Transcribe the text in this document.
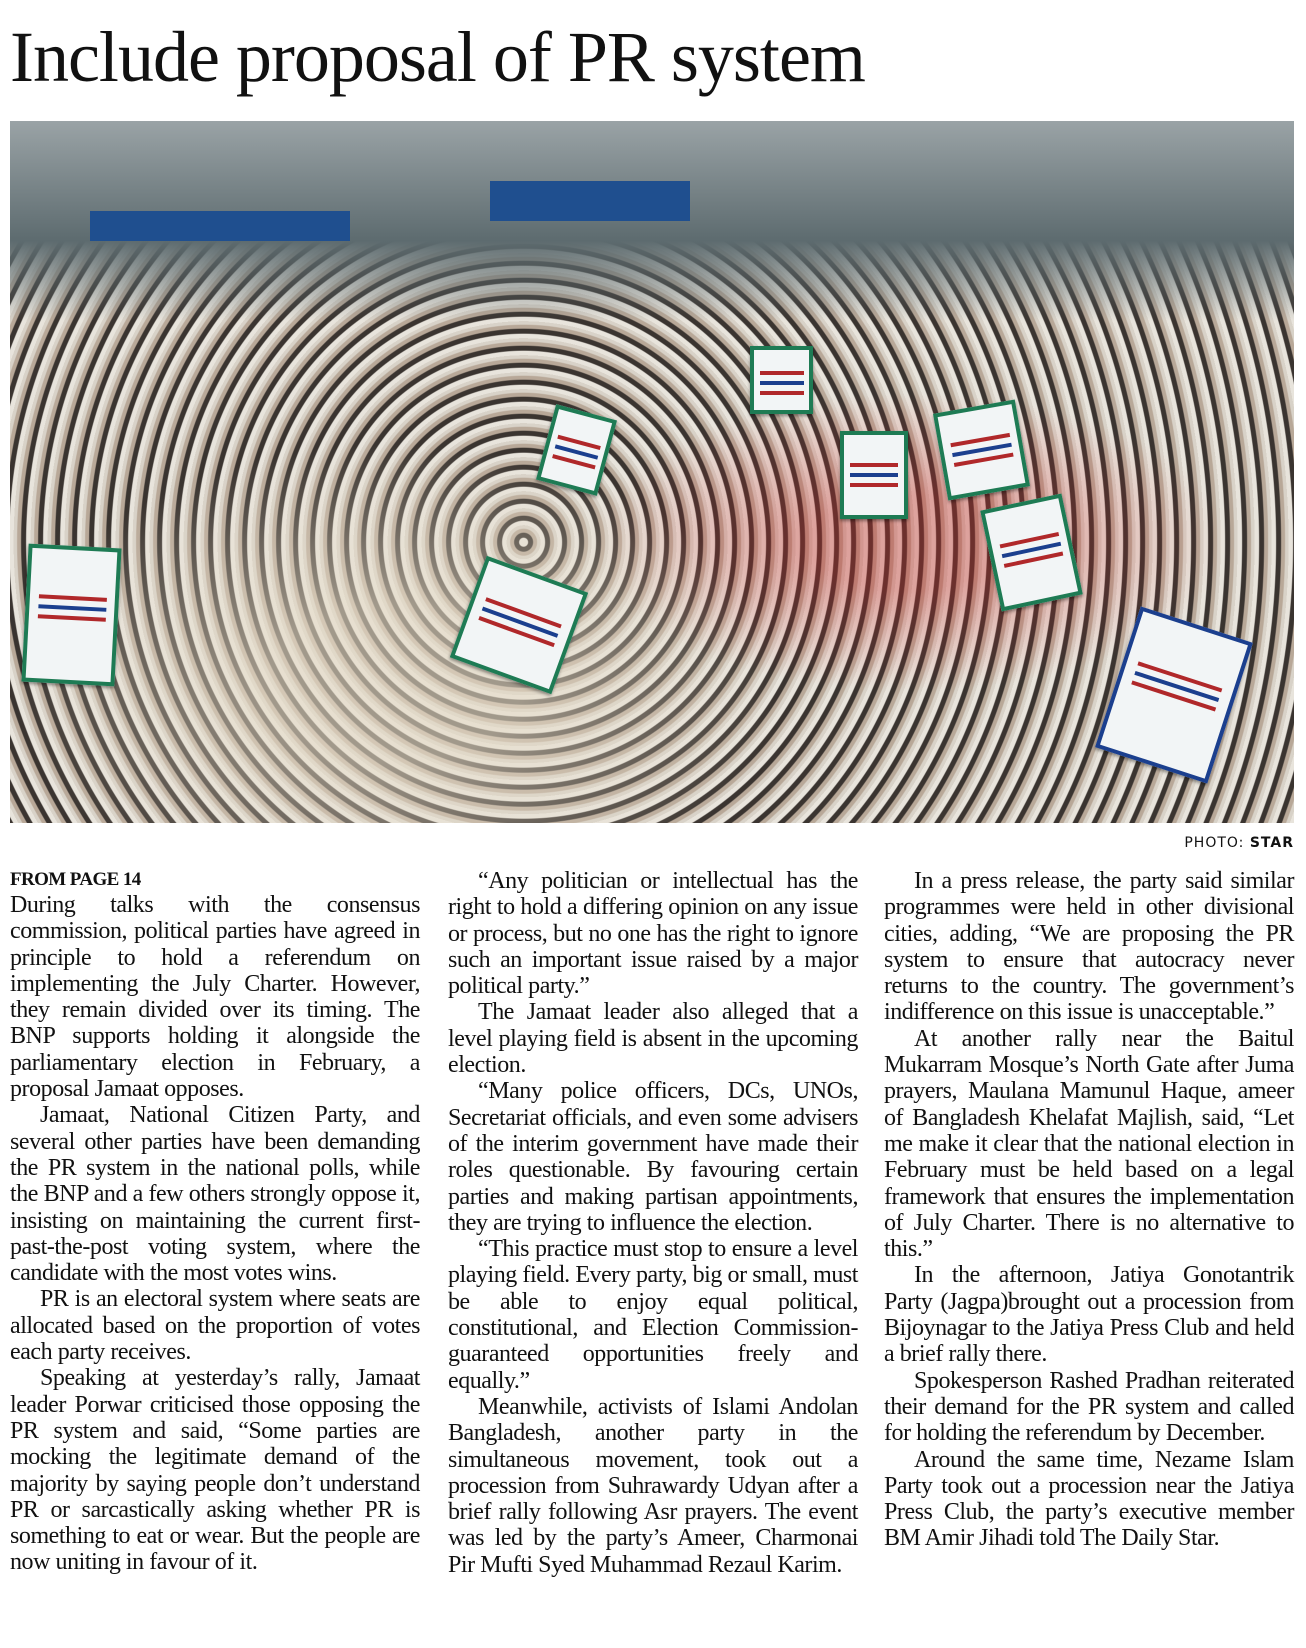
Include proposal of PR system
PHOTO: STAR
FROM PAGE 14

During talks with the consensus commission, political parties have agreed in principle to hold a referendum on implementing the July Charter. However, they remain divided over its timing. The BNP supports holding it alongside the parliamentary election in February, a proposal Jamaat opposes.

Jamaat, National Citizen Party, and several other parties have been demanding the PR system in the national polls, while the BNP and a few others strongly oppose it, insisting on maintaining the current first-past-the-post voting system, where the candidate with the most votes wins.

PR is an electoral system where seats are allocated based on the proportion of votes each party receives.

Speaking at yesterday’s rally, Jamaat leader Porwar criticised those opposing the PR system and said, “Some parties are mocking the legitimate demand of the majority by saying people don’t understand PR or sarcastically asking whether PR is something to eat or wear. But the people are now uniting in favour of it.

“Any politician or intellectual has the right to hold a differing opinion on any issue or process, but no one has the right to ignore such an important issue raised by a major political party.”

The Jamaat leader also alleged that a level playing field is absent in the upcoming election.

“Many police officers, DCs, UNOs, Secretariat officials, and even some advisers of the interim government have made their roles questionable. By favouring certain parties and making partisan appointments, they are trying to influence the election.

“This practice must stop to ensure a level playing field. Every party, big or small, must be able to enjoy equal political, constitutional, and Election Commission-guaranteed opportunities freely and equally.”

Meanwhile, activists of Islami Andolan Bangladesh, another party in the simultaneous movement, took out a procession from Suhrawardy Udyan after a brief rally following Asr prayers. The event was led by the party’s Ameer, Charmonai Pir Mufti Syed Muhammad Rezaul Karim.

In a press release, the party said similar programmes were held in other divisional cities, adding, “We are proposing the PR system to ensure that autocracy never returns to the country. The government’s indifference on this issue is unacceptable.”

At another rally near the Baitul Mukarram Mosque’s North Gate after Juma prayers, Maulana Mamunul Haque, ameer of Bangladesh Khelafat Majlish, said, “Let me make it clear that the national election in February must be held based on a legal framework that ensures the implementation of July Charter. There is no alternative to this.”

In the afternoon, Jatiya Gonotantrik Party (Jagpa)brought out a procession from Bijoynagar to the Jatiya Press Club and held a brief rally there.

Spokesperson Rashed Pradhan reiterated their demand for the PR system and called for holding the referendum by December.

Around the same time, Nezame Islam Party took out a procession near the Jatiya Press Club, the party’s executive member BM Amir Jihadi told The Daily Star.
